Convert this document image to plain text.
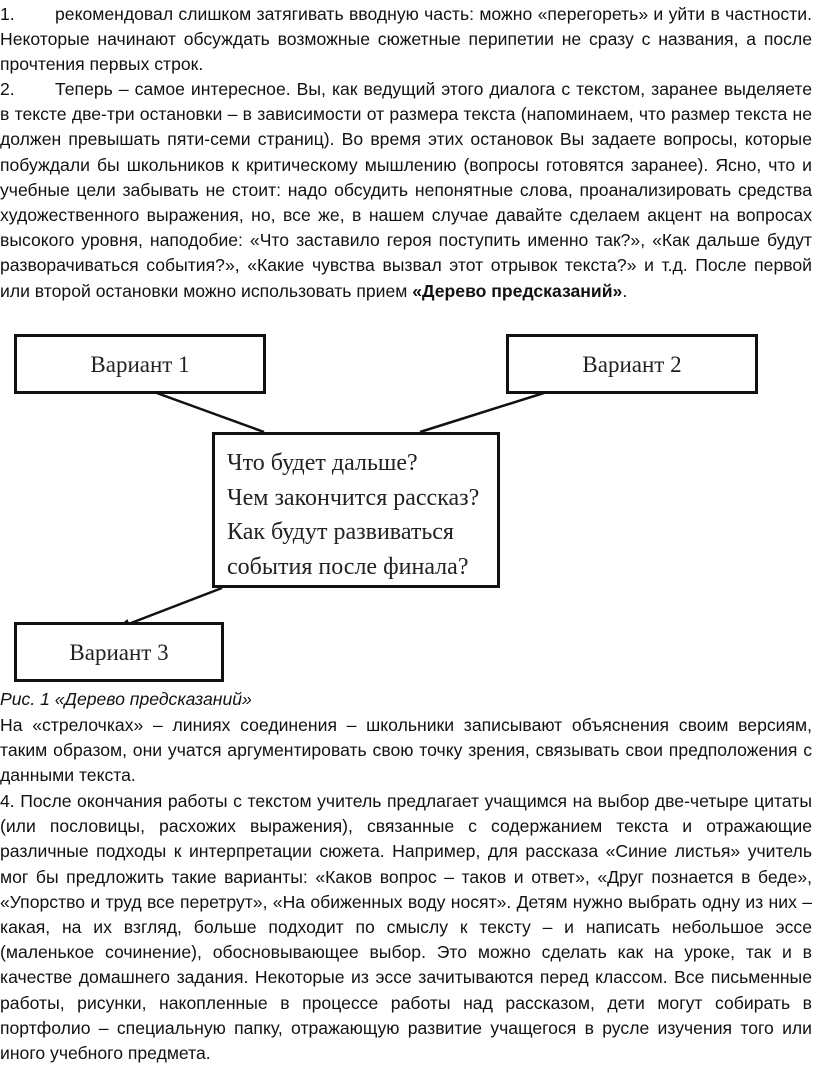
1. рекомендовал слишком затягивать вводную часть: можно «перегореть» и уйти в частности. Некоторые начинают обсуждать возможные сюжетные перипетии не сразу с названия, а после прочтения первых строк.

2. Теперь – самое интересное. Вы, как ведущий этого диалога с текстом, заранее выделяете в тексте две-три остановки – в зависимости от размера текста (напоминаем, что размер текста не должен превышать пяти-семи страниц). Во время этих остановок Вы задаете вопросы, которые побуждали бы школьников к критическому мышлению (вопросы готовятся заранее). Ясно, что и учебные цели забывать не стоит: надо обсудить непонятные слова, проанализировать средства художественного выражения, но, все же, в нашем случае давайте сделаем акцент на вопросах высокого уровня, наподобие: «Что заставило героя поступить именно так?», «Как дальше будут разворачиваться события?», «Какие чувства вызвал этот отрывок текста?» и т.д. После первой или второй остановки можно использовать прием «Дерево предсказаний».

Вариант 1	Вариант 2
Что будет дальше?
Чем закончится рассказ?
Как будут развиваться
события после финала?
Вариант 3

Рис. 1 «Дерево предсказаний»

На «стрелочках» – линиях соединения – школьники записывают объяснения своим версиям, таким образом, они учатся аргументировать свою точку зрения, связывать свои предположения с данными текста.

4. После окончания работы с текстом учитель предлагает учащимся на выбор две-четыре цитаты (или пословицы, расхожих выражения), связанные с содержанием текста и отражающие различные подходы к интерпретации сюжета. Например, для рассказа «Синие листья» учитель мог бы предложить такие варианты: «Каков вопрос – таков и ответ», «Друг познается в беде», «Упорство и труд все перетрут», «На обиженных воду носят». Детям нужно выбрать одну из них – какая, на их взгляд, больше подходит по смыслу к тексту – и написать небольшое эссе (маленькое сочинение), обосновывающее выбор. Это можно сделать как на уроке, так и в качестве домашнего задания. Некоторые из эссе зачитываются перед классом. Все письменные работы, рисунки, накопленные в процессе работы над рассказом, дети могут собирать в портфолио – специальную папку, отражающую развитие учащегося в русле изучения того или иного учебного предмета.
